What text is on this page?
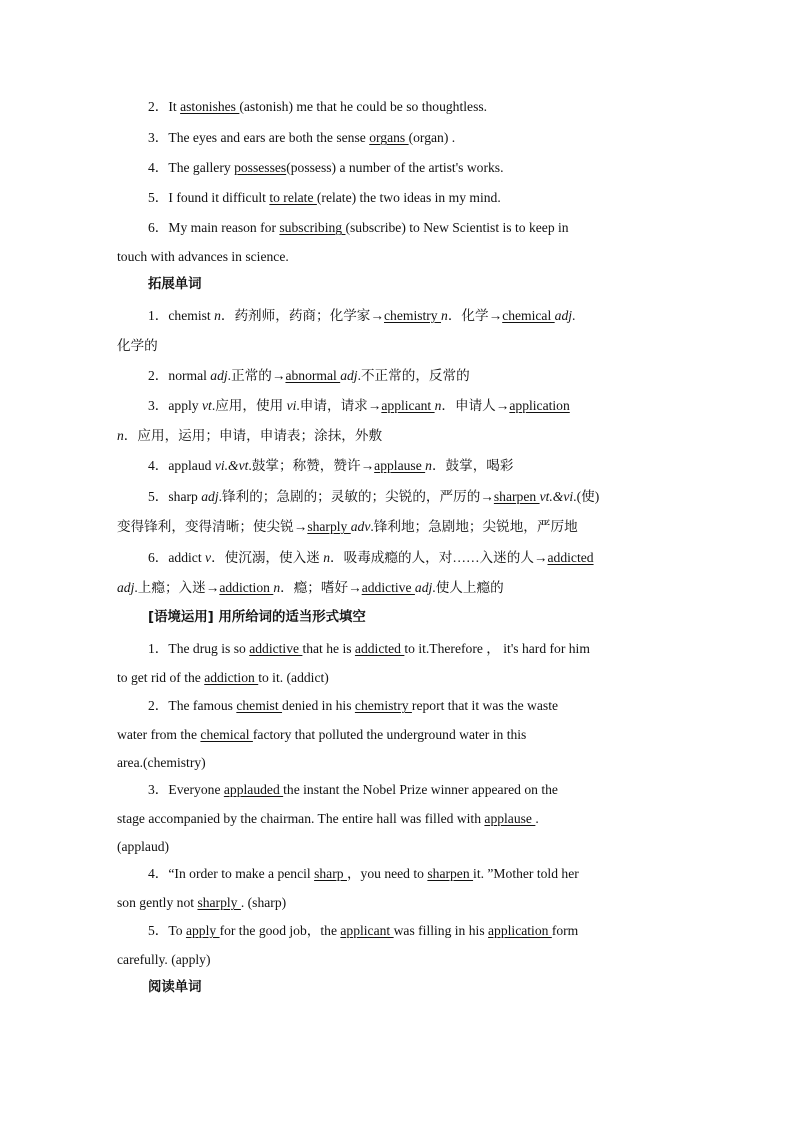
2．It astonishes (astonish) me that he could be so thoughtless.
3．The eyes and ears are both the sense organs (organ) .
4．The gallery possesses(possess) a number of the artist's works.
5．I found it difficult to relate (relate) the two ideas in my mind.
6．My main reason for subscribing (subscribe) to New Scientist is to keep in
touch with advances in science.
拓展单词
1．chemist n．药剂师，药商；化学家→chemistry n．化学→chemical adj.
化学的
2．normal adj.正常的→abnormal adj.不正常的，反常的
3．apply vt.应用，使用 vi.申请，请求→applicant n．申请人→application
n．应用，运用；申请，申请表；涂抹，外敷
4．applaud vi.&vt.鼓掌；称赞，赞许→applause n．鼓掌，喝彩
5．sharp adj.锋利的；急剧的；灵敏的；尖锐的，严厉的→sharpen vt.&vi.(使)
变得锋利，变得清晰；使尖锐→sharply adv.锋利地；急剧地；尖锐地，严厉地
6．addict v．使沉溺，使入迷 n．吸毒成瘾的人，对……入迷的人→addicted
adj.上瘾；入迷→addiction n．瘾；嗜好→addictive adj.使人上瘾的
[语境运用] 用所给词的适当形式填空
1．The drug is so addictive that he is addicted to it.Therefore ， it's hard for him
to get rid of the addiction to it. (addict)
2．The famous chemist denied in his chemistry report that it was the waste
water from the chemical factory that polluted the underground water in this
area.(chemistry)
3．Everyone applauded the instant the Nobel Prize winner appeared on the
stage accompanied by the chairman. The entire hall was filled with applause .
(applaud)
4．“In order to make a pencil sharp ，you need to sharpen it. ”Mother told her
son gently not sharply . (sharp)
5．To apply for the good job，the applicant was filling in his application form
carefully. (apply)
阅读单词
